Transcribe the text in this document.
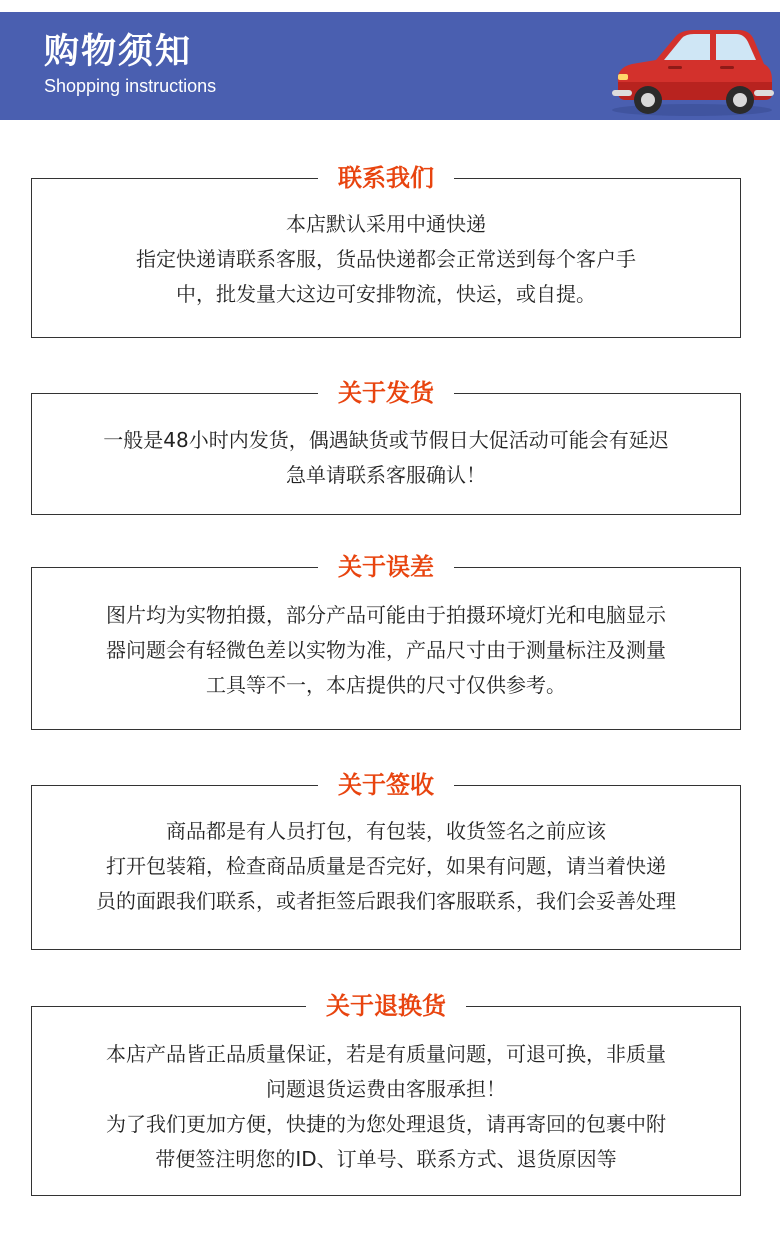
购物须知
Shopping instructions
联系我们
本店默认采用中通快递
指定快递请联系客服，货品快递都会正常送到每个客户手
中，批发量大这边可安排物流，快运，或自提。
关于发货
一般是48小时内发货，偶遇缺货或节假日大促活动可能会有延迟
急单请联系客服确认！
关于误差
图片均为实物拍摄，部分产品可能由于拍摄环境灯光和电脑显示
器问题会有轻微色差以实物为准，产品尺寸由于测量标注及测量
工具等不一，本店提供的尺寸仅供参考。
关于签收
商品都是有人员打包，有包装，收货签名之前应该
打开包装箱，检查商品质量是否完好，如果有问题，请当着快递
员的面跟我们联系，或者拒签后跟我们客服联系，我们会妥善处理
关于退换货
本店产品皆正品质量保证，若是有质量问题，可退可换，非质量
问题退货运费由客服承担！
为了我们更加方便，快捷的为您处理退货，请再寄回的包裹中附
带便签注明您的ID、订单号、联系方式、退货原因等
